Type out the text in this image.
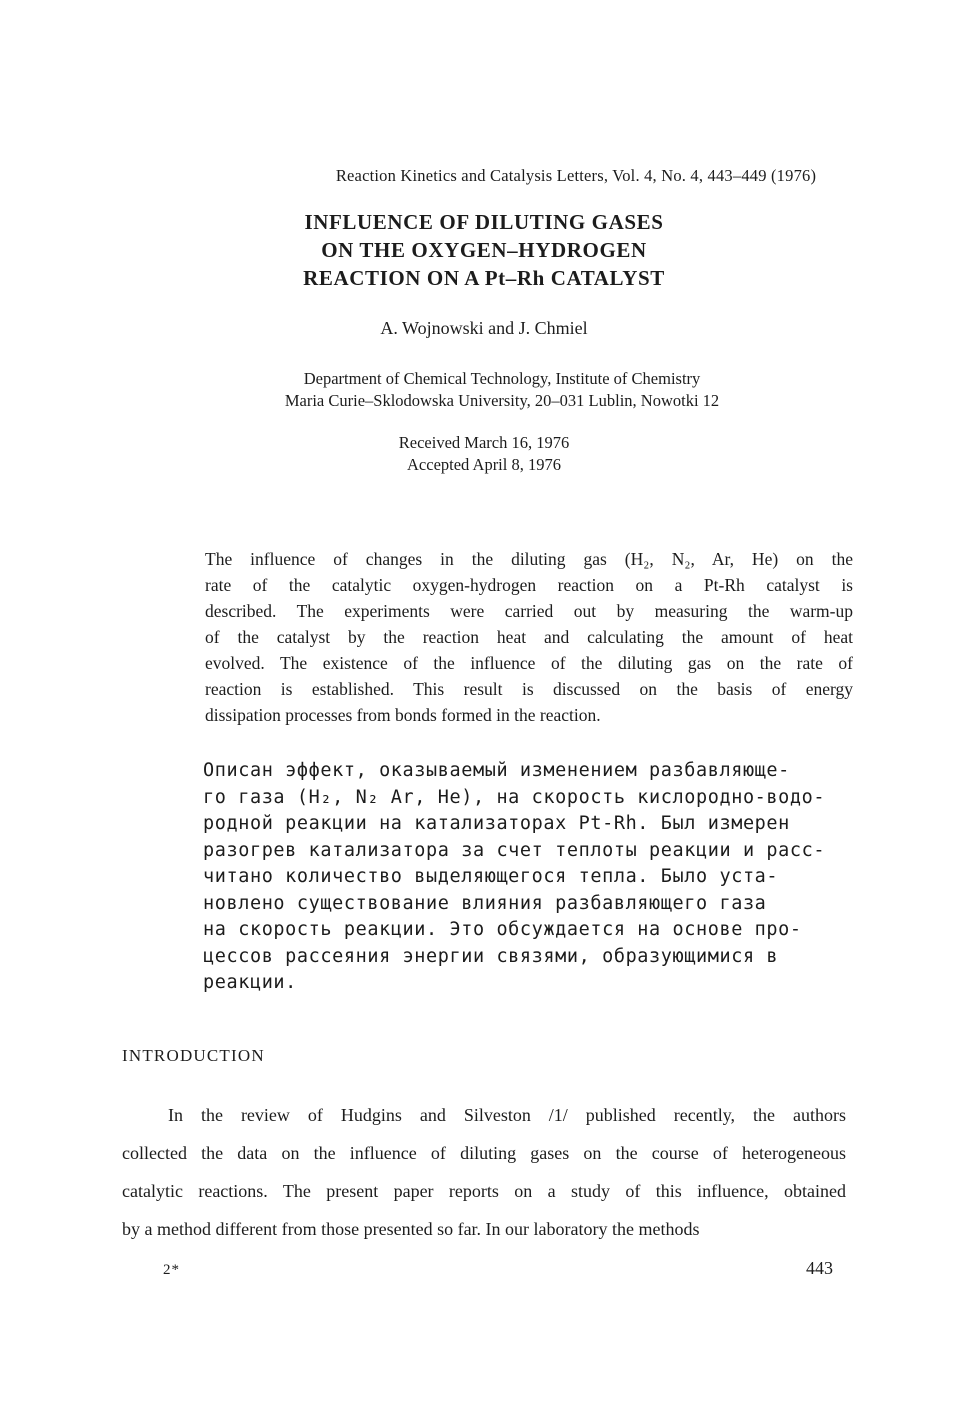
Reaction Kinetics and Catalysis Letters, Vol. 4, No. 4, 443–449 (1976)
INFLUENCE OF DILUTING GASES
ON THE OXYGEN–HYDROGEN
REACTION ON A Pt–Rh CATALYST
A. Wojnowski and J. Chmiel
Department of Chemical Technology, Institute of Chemistry
Maria Curie–Sklodowska University, 20–031 Lublin, Nowotki 12
Received March 16, 1976
Accepted April 8, 1976
The influence of changes in the diluting gas (H₂, N₂, Ar, He) on the
rate of the catalytic oxygen-hydrogen reaction on a Pt-Rh catalyst is
described. The experiments were carried out by measuring the warm-up
of the catalyst by the reaction heat and calculating the amount of heat
evolved. The existence of the influence of the diluting gas on the rate of
reaction is established. This result is discussed on the basis of energy
dissipation processes from bonds formed in the reaction.
Описан эффект, оказываемый изменением разбавляюще-
го газа (H₂, N₂ Ar, He), на скорость кислородно-водо-
родной реакции на катализаторах Pt-Rh. Был измерен
разогрев катализатора за счет теплоты реакции и расс-
читано количество выделяющегося тепла. Было уста-
новлено существование влияния разбавляющего газа
на скорость реакции. Это обсуждается на основе про-
цессов рассеяния энергии связями, образующимися в
реакции.
INTRODUCTION
In the review of Hudgins and Silveston /1/ published recently, the authors
collected the data on the influence of diluting gases on the course of heterogeneous
catalytic reactions. The present paper reports on a study of this influence, obtained
by a method different from those presented so far. In our laboratory the methods
2*	443
